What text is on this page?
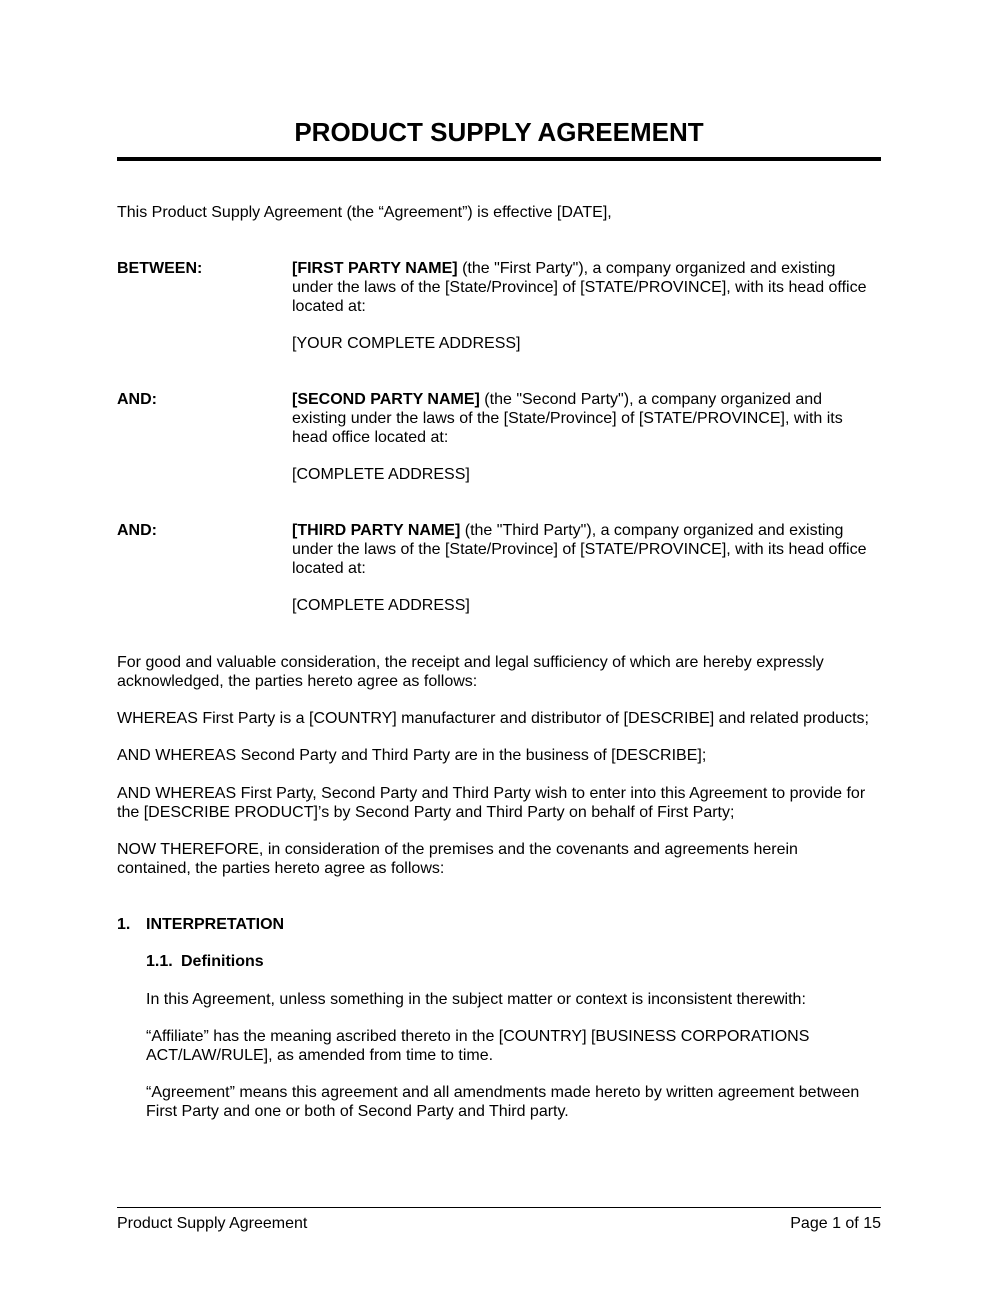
PRODUCT SUPPLY AGREEMENT

This Product Supply Agreement (the “Agreement”) is effective [DATE],

BETWEEN:	[FIRST PARTY NAME] (the "First Party"), a company organized and existing
under the laws of the [State/Province] of [STATE/PROVINCE], with its head office
located at:
[YOUR COMPLETE ADDRESS]
AND:	[SECOND PARTY NAME] (the "Second Party"), a company organized and
existing under the laws of the [State/Province] of [STATE/PROVINCE], with its
head office located at:
[COMPLETE ADDRESS]
AND:	[THIRD PARTY NAME] (the "Third Party"), a company organized and existing
under the laws of the [State/Province] of [STATE/PROVINCE], with its head office
located at:
[COMPLETE ADDRESS]
For good and valuable consideration, the receipt and legal sufficiency of which are hereby expressly
acknowledged, the parties hereto agree as follows:
WHEREAS First Party is a [COUNTRY] manufacturer and distributor of [DESCRIBE] and related products;
AND WHEREAS Second Party and Third Party are in the business of [DESCRIBE];
AND WHEREAS First Party, Second Party and Third Party wish to enter into this Agreement to provide for
the [DESCRIBE PRODUCT]’s by Second Party and Third Party on behalf of First Party;
NOW THEREFORE, in consideration of the premises and the covenants and agreements herein
contained, the parties hereto agree as follows:
1. INTERPRETATION
1.1. Definitions
In this Agreement, unless something in the subject matter or context is inconsistent therewith:
“Affiliate” has the meaning ascribed thereto in the [COUNTRY] [BUSINESS CORPORATIONS
ACT/LAW/RULE], as amended from time to time.
“Agreement” means this agreement and all amendments made hereto by written agreement between
First Party and one or both of Second Party and Third party.
Product Supply Agreement	Page 1 of 15
